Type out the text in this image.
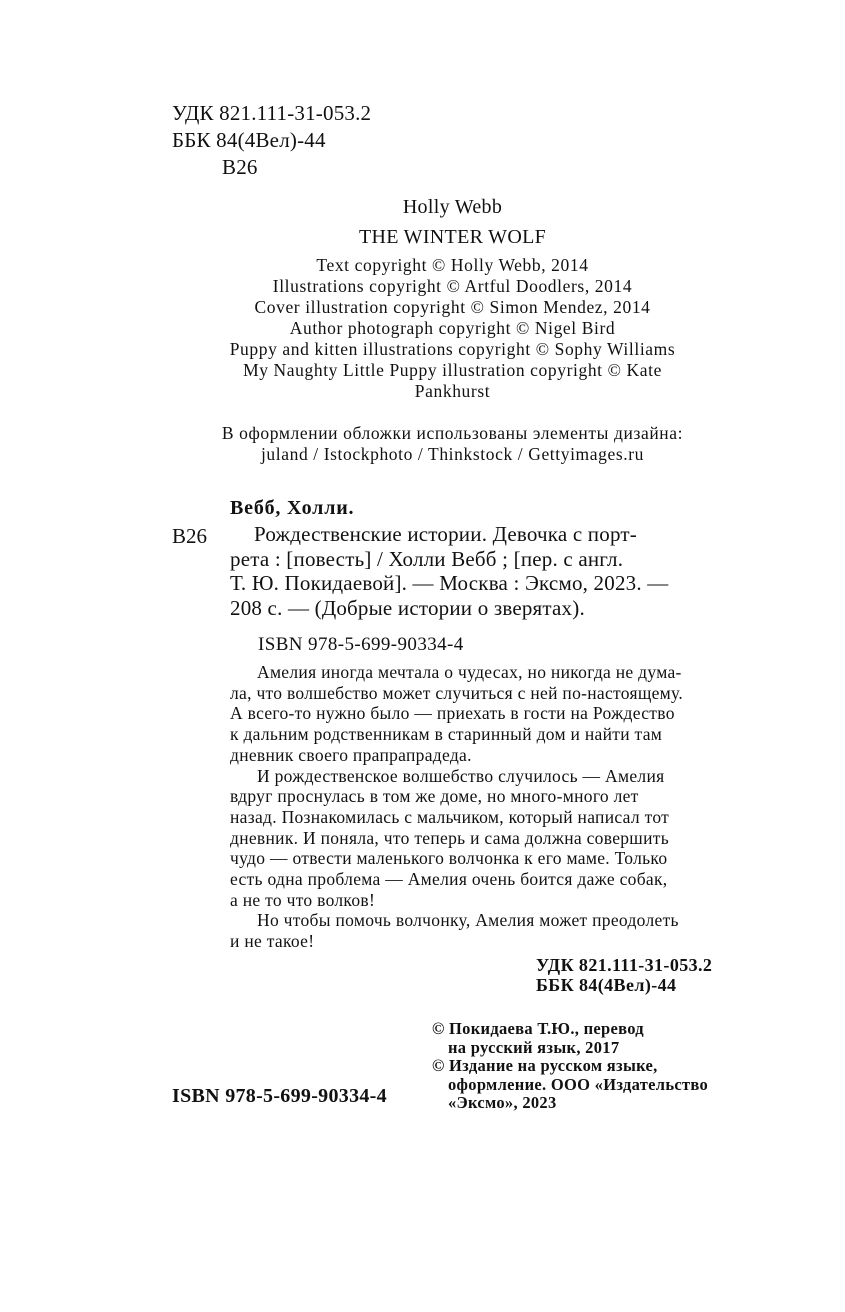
УДК 821.111-31-053.2
ББК 84(4Вел)-44
В26
Holly Webb
THE WINTER WOLF
Text copyright © Holly Webb, 2014
Illustrations copyright © Artful Doodlers, 2014
Cover illustration copyright © Simon Mendez, 2014
Author photograph copyright © Nigel Bird
Puppy and kitten illustrations copyright © Sophy Williams
My Naughty Little Puppy illustration copyright © Kate
Pankhurst
В оформлении обложки использованы элементы дизайна:
juland / Istockphoto / Thinkstock / Gettyimages.ru
Вебб, Холли.
В26	Рождественские истории. Девочка с порт-
рета : [повесть] / Холли Вебб ; [пер. с англ.
Т. Ю. Покидаевой]. — Москва : Эксмо, 2023. —
208 с. — (Добрые истории о зверятах).
ISBN 978-5-699-90334-4
Амелия иногда мечтала о чудесах, но никогда не дума-
ла, что волшебство может случиться с ней по-настоящему.
А всего-то нужно было — приехать в гости на Рождество
к дальним родственникам в старинный дом и найти там
дневник своего прапрапрадеда.
И рождественское волшебство случилось — Амелия
вдруг проснулась в том же доме, но много-много лет
назад. Познакомилась с мальчиком, который написал тот
дневник. И поняла, что теперь и сама должна совершить
чудо — отвести маленького волчонка к его маме. Только
есть одна проблема — Амелия очень боится даже собак,
а не то что волков!
Но чтобы помочь волчонку, Амелия может преодолеть
и не такое!
УДК 821.111-31-053.2
ББК 84(4Вел)-44
© Покидаева Т.Ю., перевод
на русский язык, 2017
© Издание на русском языке,
оформление. ООО «Издательство
«Эксмо», 2023
ISBN 978-5-699-90334-4
